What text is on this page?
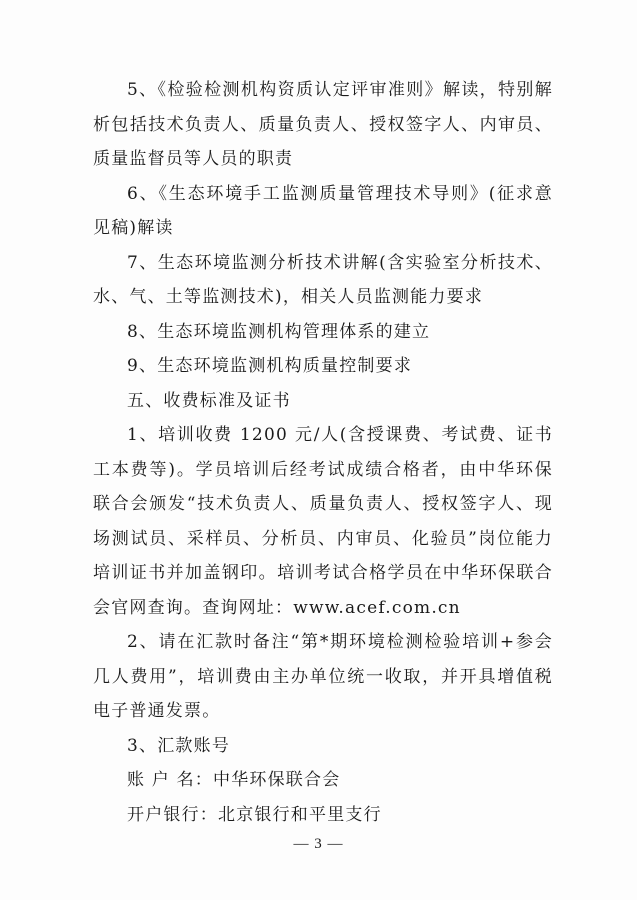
5、《检验检测机构资质认定评审准则》解读，特别解析包括技术负责人、质量负责人、授权签字人、内审员、质量监督员等人员的职责

6、《生态环境手工监测质量管理技术导则》(征求意见稿)解读

7、生态环境监测分析技术讲解(含实验室分析技术、水、气、土等监测技术)，相关人员监测能力要求

8、生态环境监测机构管理体系的建立

9、生态环境监测机构质量控制要求

五、收费标准及证书

1、培训收费 1200 元/人(含授课费、考试费、证书工本费等)。学员培训后经考试成绩合格者，由中华环保联合会颁发“技术负责人、质量负责人、授权签字人、现场测试员、采样员、分析员、内审员、化验员”岗位能力培训证书并加盖钢印。培训考试合格学员在中华环保联合会官网查询。查询网址：www.acef.com.cn

2、请在汇款时备注“第*期环境检测检验培训+参会几人费用”，培训费由主办单位统一收取，并开具增值税电子普通发票。

3、汇款账号

账 户 名：中华环保联合会

开户银行：北京银行和平里支行

— 3 —
